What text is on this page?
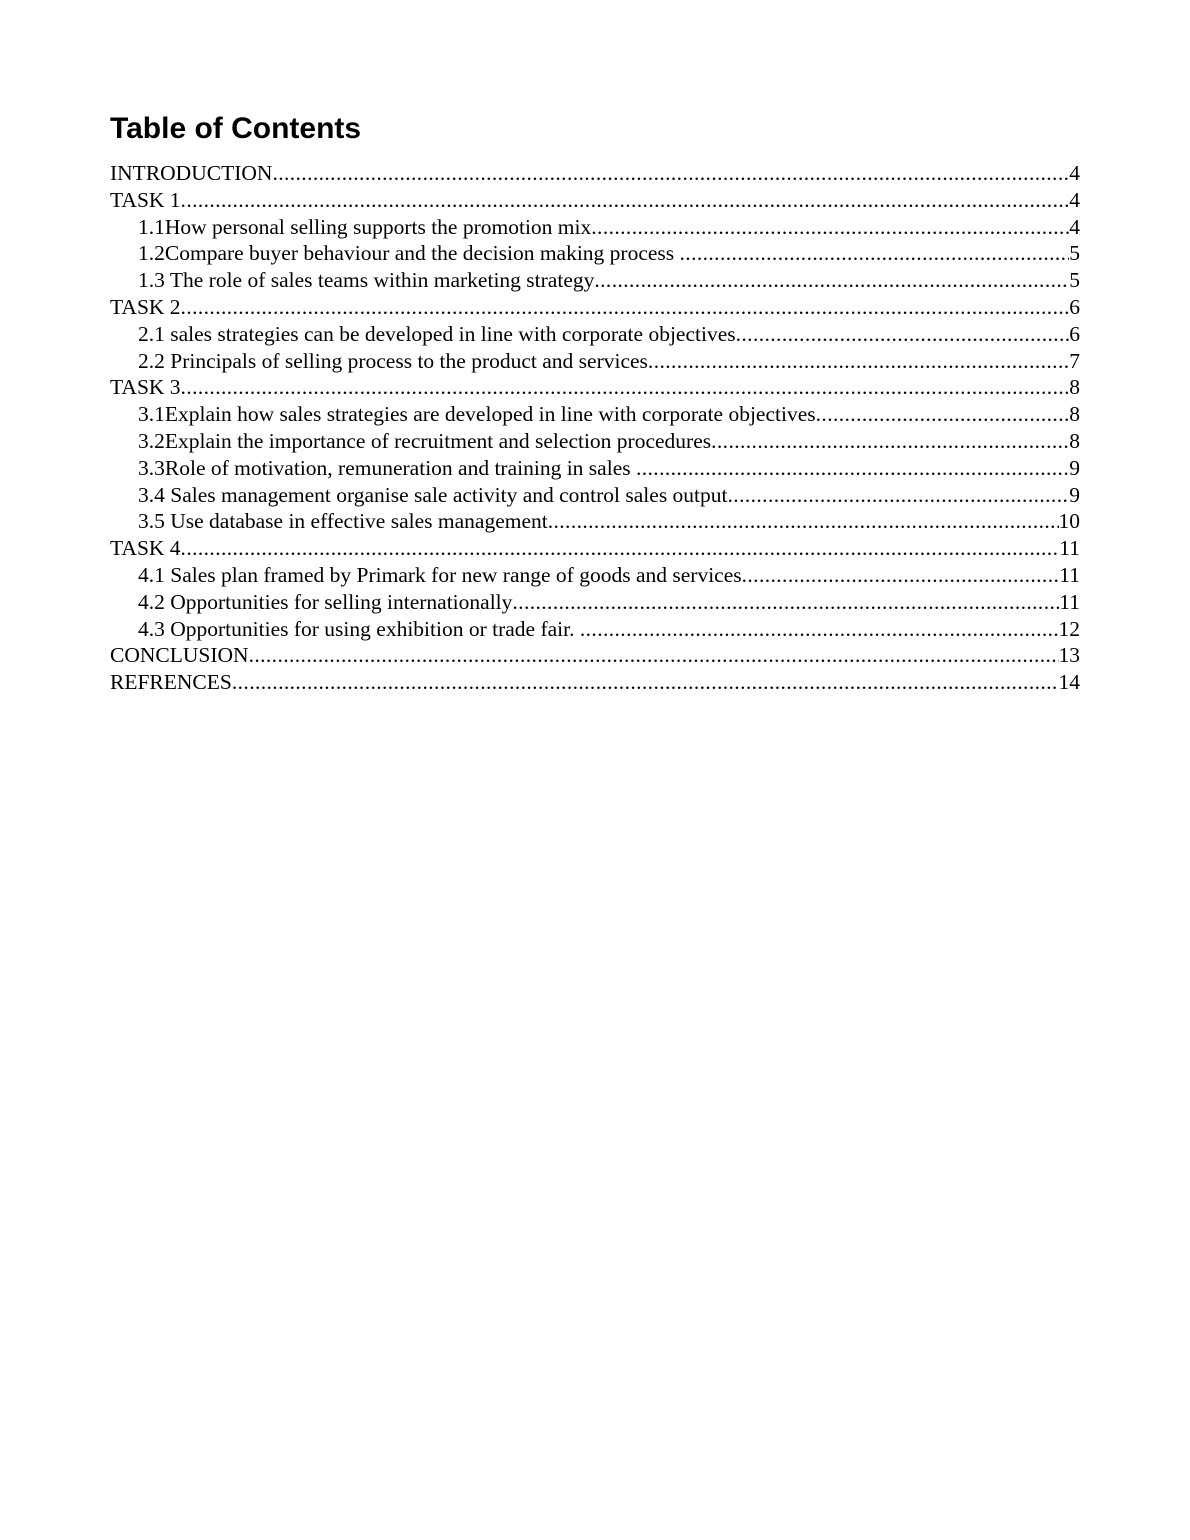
Table of Contents
INTRODUCTION .....	4
TASK 1 .....	4
1.1How personal selling supports the promotion mix .....	4
1.2Compare buyer behaviour and the decision making process .....	5
1.3 The role of sales teams within marketing strategy .....	5
TASK 2 .....	6
2.1 sales strategies can be developed in line with corporate objectives .....	6
2.2 Principals of selling process to the product and services .....	7
TASK 3 .....	8
3.1Explain how sales strategies are developed in line with corporate objectives .....	8
3.2Explain the importance of recruitment and selection procedures .....	8
3.3Role of motivation, remuneration and training in sales .....	9
3.4 Sales management organise sale activity and control sales output .....	9
3.5 Use database in effective sales management .....	10
TASK 4 .....	11
4.1 Sales plan framed by Primark for new range of goods and services .....	11
4.2 Opportunities for selling internationally .....	11
4.3 Opportunities for using exhibition or trade fair. .....	12
CONCLUSION .....	13
REFRENCES .....	14
